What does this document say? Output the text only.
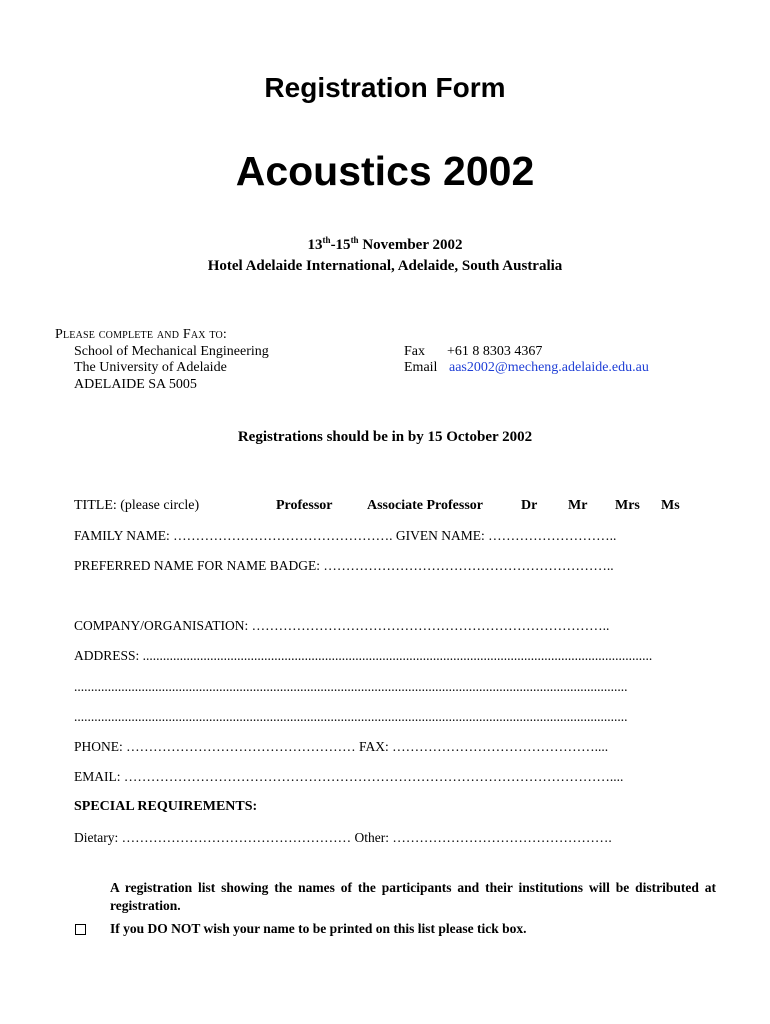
Registration Form
Acoustics 2002
13th-15th November 2002
Hotel Adelaide International, Adelaide, South Australia
Please complete and Fax to:
School of Mechanical Engineering
The University of Adelaide
ADELAIDE SA 5005
Fax +61 8 8303 4367
Email aas2002@mecheng.adelaide.edu.au
Registrations should be in by 15 October 2002
TITLE: (please circle)	Professor Associate Professor	Dr Mr Mrs Ms
FAMILY NAME: …………………………………………. GIVEN NAME: ………………………..
PREFERRED NAME FOR NAME BADGE: ………………………………………………………..
COMPANY/ORGANISATION: ……………………………………………………………………..
ADDRESS: .......................................................................................................................................................
....................................................................................................................................................................
....................................................................................................................................................................
PHONE: …………………………………………… FAX: ………………………………………....
EMAIL: ………………………………………………………………………………………………....
SPECIAL REQUIREMENTS:
Dietary: …………………………………………… Other: ………………………………………….
A registration list showing the names of the participants and their institutions will be distributed at registration.
If you DO NOT wish your name to be printed on this list please tick box.
